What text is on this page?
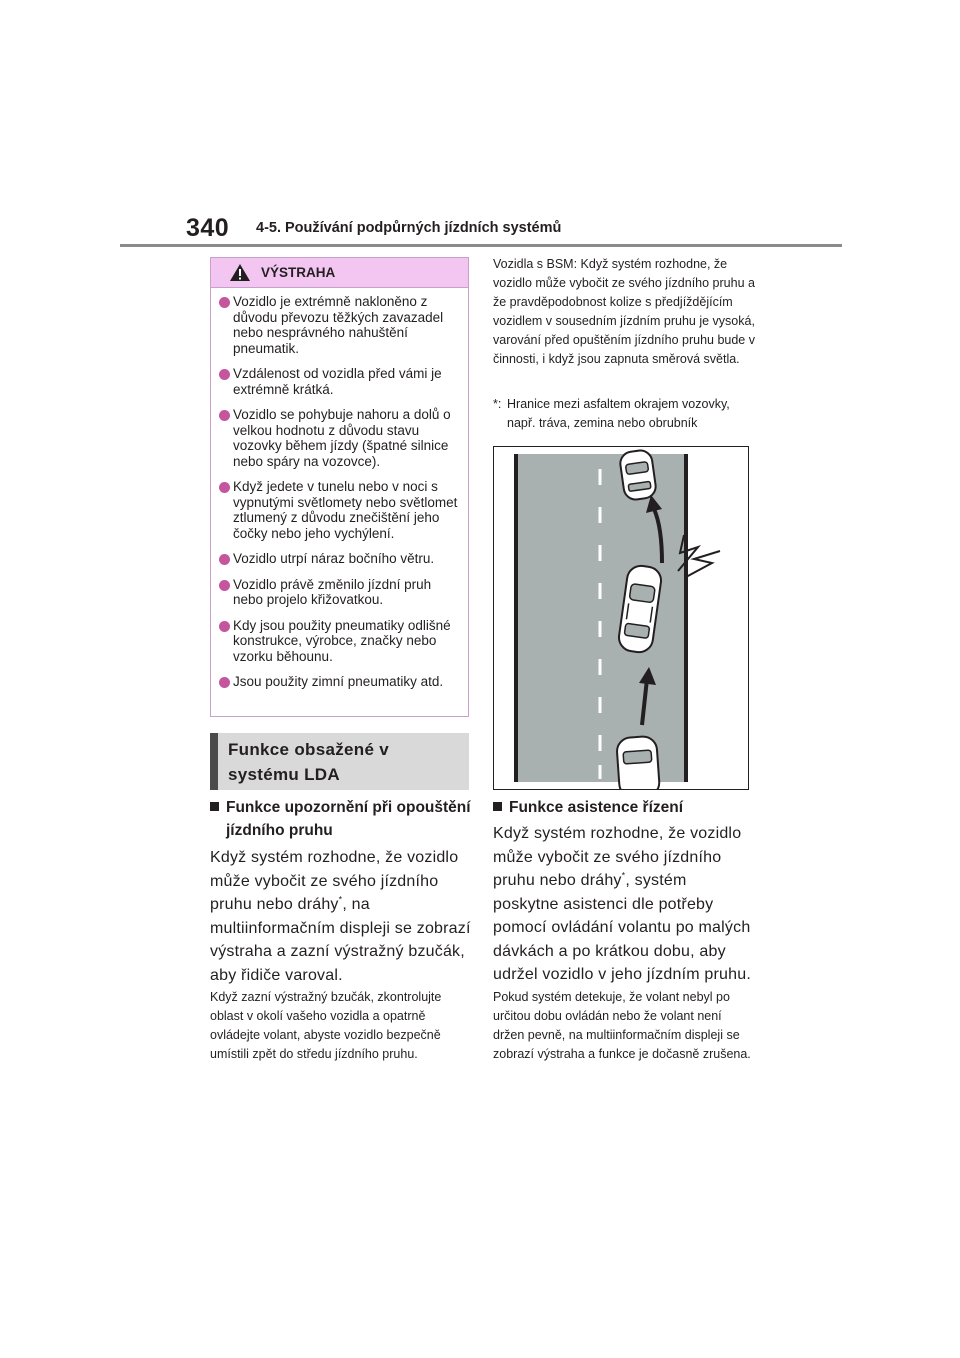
340 4-5. Používání podpůrných jízdních systémů
VÝSTRAHA
Vozidlo je extrémně nakloněno z důvodu převozu těžkých zavazadel nebo nesprávného nahuštění pneumatik.
Vzdálenost od vozidla před vámi je extrémně krátká.
Vozidlo se pohybuje nahoru a dolů o velkou hodnotu z důvodu stavu vozovky během jízdy (špatné silnice nebo spáry na vozovce).
Když jedete v tunelu nebo v noci s vypnutými světlomety nebo světlomet ztlumený z důvodu znečištění jeho čočky nebo jeho vychýlení.
Vozidlo utrpí náraz bočního větru.
Vozidlo právě změnilo jízdní pruh nebo projelo křižovatkou.
Kdy jsou použity pneumatiky odlišné konstrukce, výrobce, značky nebo vzorku běhounu.
Jsou použity zimní pneumatiky atd.
Funkce obsažené v systému LDA
Funkce upozornění při opouštění jízdního pruhu
Když systém rozhodne, že vozidlo může vybočit ze svého jízdního pruhu nebo dráhy*, na multiinformačním displeji se zobrazí výstraha a zazní výstražný bzučák, aby řidiče varoval.
Když zazní výstražný bzučák, zkontrolujte oblast v okolí vašeho vozidla a opatrně ovládejte volant, abyste vozidlo bezpečně umístili zpět do středu jízdního pruhu.
Vozidla s BSM: Když systém rozhodne, že vozidlo může vybočit ze svého jízdního pruhu a že pravděpodobnost kolize s předjíždějícím vozidlem v sousedním jízdním pruhu je vysoká, varování před opuštěním jízdního pruhu bude v činnosti, i když jsou zapnuta směrová světla.
*: Hranice mezi asfaltem okrajem vozovky, např. tráva, zemina nebo obrubník
Funkce asistence řízení
Když systém rozhodne, že vozidlo může vybočit ze svého jízdního pruhu nebo dráhy*, systém poskytne asistenci dle potřeby pomocí ovládání volantu po malých dávkách a po krátkou dobu, aby udržel vozidlo v jeho jízdním pruhu.
Pokud systém detekuje, že volant nebyl po určitou dobu ovládán nebo že volant není držen pevně, na multiinformačním displeji se zobrazí výstraha a funkce je dočasně zrušena.
